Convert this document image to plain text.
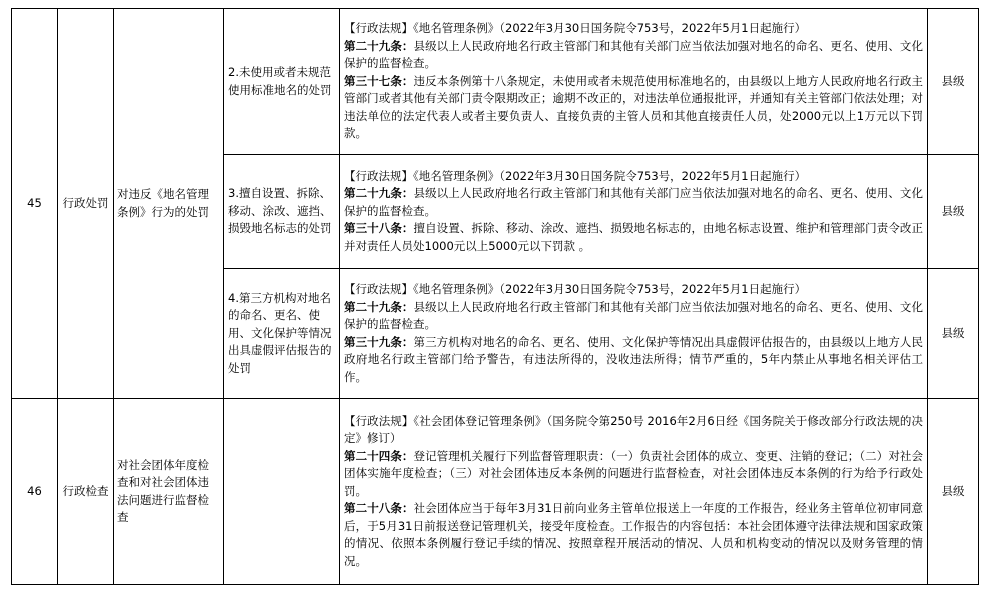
45	行政处罚	对违反《地名管理条例》行为的处罚	2.未使用或者未规范使用标准地名的处罚	【行政法规】《地名管理条例》（2022年3月30日国务院令753号，2022年5月1日起施行）

第二十九条：县级以上人民政府地名行政主管部门和其他有关部门应当依法加强对地名的命名、更名、使用、文化保护的监督检查。

第三十七条：违反本条例第十八条规定，未使用或者未规范使用标准地名的，由县级以上地方人民政府地名行政主管部门或者其他有关部门责令限期改正；逾期不改正的，对违法单位通报批评，并通知有关主管部门依法处理；对违法单位的法定代表人或者主要负责人、直接负责的主管人员和其他直接责任人员，处2000元以上1万元以下罚款。	县级
			3.擅自设置、拆除、移动、涂改、遮挡、损毁地名标志的处罚	【行政法规】《地名管理条例》（2022年3月30日国务院令753号，2022年5月1日起施行）

第二十九条：县级以上人民政府地名行政主管部门和其他有关部门应当依法加强对地名的命名、更名、使用、文化保护的监督检查。

第三十八条：擅自设置、拆除、移动、涂改、遮挡、损毁地名标志的，由地名标志设置、维护和管理部门责令改正并对责任人员处1000元以上5000元以下罚款 。	县级
			4.第三方机构对地名的命名、更名、使用、文化保护等情况出具虚假评估报告的处罚	【行政法规】《地名管理条例》（2022年3月30日国务院令753号，2022年5月1日起施行）

第二十九条：县级以上人民政府地名行政主管部门和其他有关部门应当依法加强对地名的命名、更名、使用、文化保护的监督检查。

第三十九条：第三方机构对地名的命名、更名、使用、文化保护等情况出具虚假评估报告的，由县级以上地方人民政府地名行政主管部门给予警告，有违法所得的，没收违法所得；情节严重的，5年内禁止从事地名相关评估工作。	县级
46	行政检查	对社会团体年度检查和对社会团体违法问题进行监督检查		【行政法规】《社会团体登记管理条例》（国务院令第250号 2016年2月6日经《国务院关于修改部分行政法规的决定》修订）

第二十四条：登记管理机关履行下列监督管理职责：（一）负责社会团体的成立、变更、注销的登记；（二）对社会团体实施年度检查；（三）对社会团体违反本条例的问题进行监督检查，对社会团体违反本条例的行为给予行政处罚。

第二十八条：社会团体应当于每年3月31日前向业务主管单位报送上一年度的工作报告，经业务主管单位初审同意后，于5月31日前报送登记管理机关，接受年度检查。工作报告的内容包括：本社会团体遵守法律法规和国家政策的情况、依照本条例履行登记手续的情况、按照章程开展活动的情况、人员和机构变动的情况以及财务管理的情况。	县级
